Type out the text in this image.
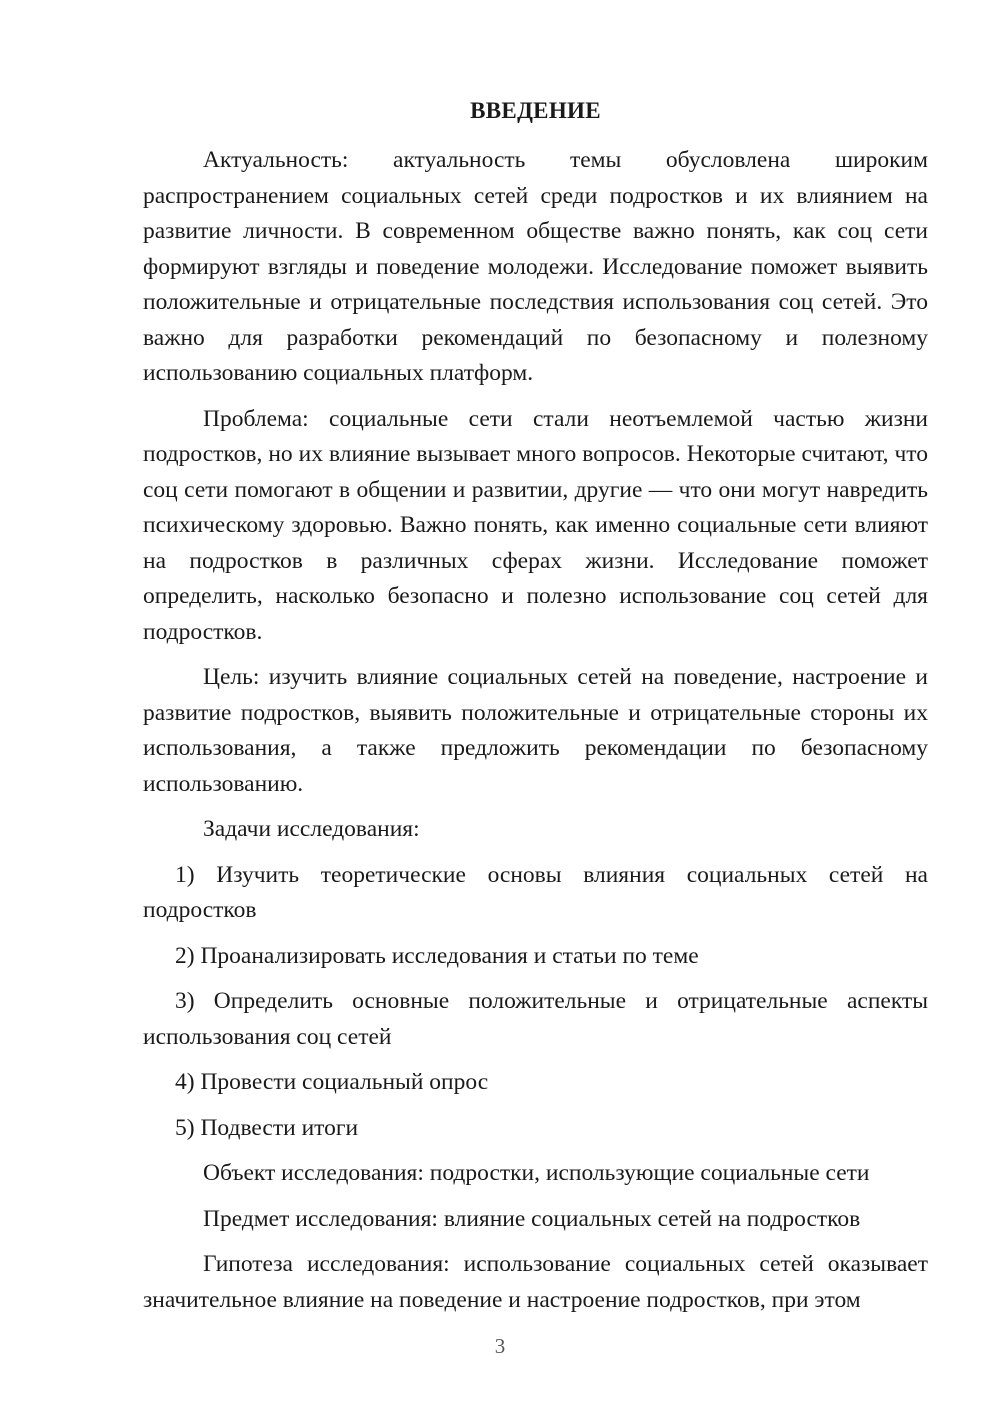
ВВЕДЕНИЕ

Актуальность: актуальность темы обусловлена широким распространением социальных сетей среди подростков и их влиянием на развитие личности. В современном обществе важно понять, как соц сети формируют взгляды и поведение молодежи. Исследование поможет выявить положительные и отрицательные последствия использования соц сетей. Это важно для разработки рекомендаций по безопасному и полезному использованию социальных платформ.

Проблема: социальные сети стали неотъемлемой частью жизни подростков, но их влияние вызывает много вопросов. Некоторые считают, что соц сети помогают в общении и развитии, другие — что они могут навредить психическому здоровью. Важно понять, как именно социальные сети влияют на подростков в различных сферах жизни. Исследование поможет определить, насколько безопасно и полезно использование соц сетей для подростков.

Цель: изучить влияние социальных сетей на поведение, настроение и развитие подростков, выявить положительные и отрицательные стороны их использования, а также предложить рекомендации по безопасному использованию.

Задачи исследования:

1) Изучить теоретические основы влияния социальных сетей на подростков

2) Проанализировать исследования и статьи по теме

3) Определить основные положительные и отрицательные аспекты использования соц сетей

4) Провести социальный опрос

5) Подвести итоги

Объект исследования: подростки, использующие социальные сети

Предмет исследования: влияние социальных сетей на подростков

Гипотеза исследования: использование социальных сетей оказывает значительное влияние на поведение и настроение подростков, при этом

3
